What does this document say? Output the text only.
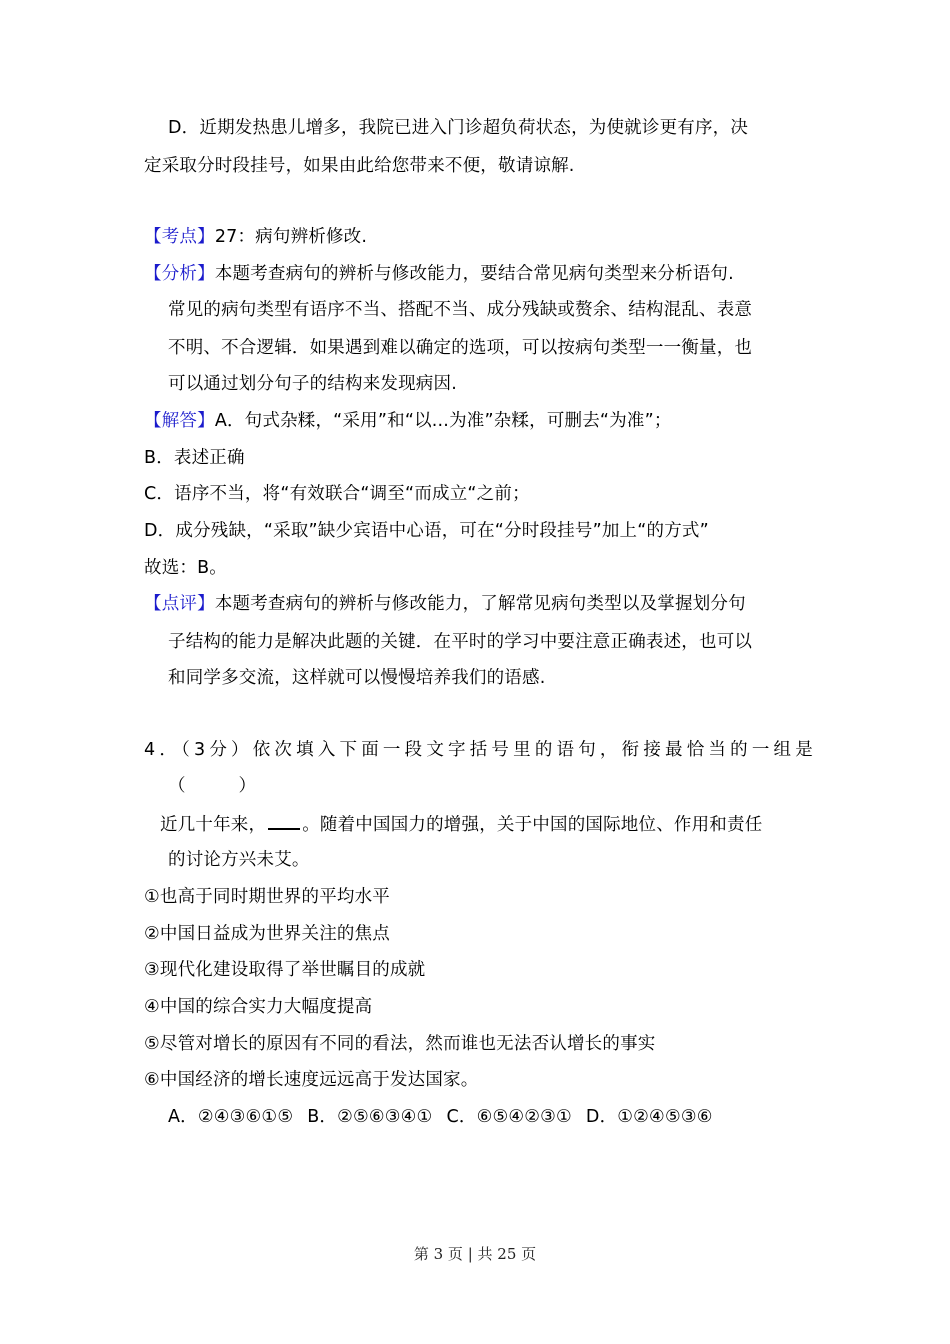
D．近期发热患儿增多，我院已进入门诊超负荷状态，为使就诊更有序，决
定采取分时段挂号，如果由此给您带来不便，敬请谅解.
【考点】27：病句辨析修改.
【分析】本题考查病句的辨析与修改能力，要结合常见病句类型来分析语句.
常见的病句类型有语序不当、搭配不当、成分残缺或赘余、结构混乱、表意
不明、不合逻辑．如果遇到难以确定的选项，可以按病句类型一一衡量，也
可以通过划分句子的结构来发现病因.
【解答】A．句式杂糅，“采用”和“以...为准”杂糅，可删去“为准”；
B．表述正确
C．语序不当，将“有效联合“调至“而成立“之前；
D．成分残缺，“采取”缺少宾语中心语，可在“分时段挂号”加上“的方式”
故选：B。
【点评】本题考查病句的辨析与修改能力，了解常见病句类型以及掌握划分句
子结构的能力是解决此题的关键．在平时的学习中要注意正确表述，也可以
和同学多交流，这样就可以慢慢培养我们的语感.
4．（3分）依次填入下面一段文字括号里的语句，衔接最恰当的一组是
（　　）
近几十年来， 。随着中国国力的增强，关于中国的国际地位、作用和责任
的讨论方兴未艾。
①也高于同时期世界的平均水平
②中国日益成为世界关注的焦点
③现代化建设取得了举世瞩目的成就
④中国的综合实力大幅度提高
⑤尽管对增长的原因有不同的看法，然而谁也无法否认增长的事实
⑥中国经济的增长速度远远高于发达国家。
A．②④③⑥①⑤ B．②⑤⑥③④① C．⑥⑤④②③① D．①②④⑤③⑥
第 3 页 | 共 25 页
